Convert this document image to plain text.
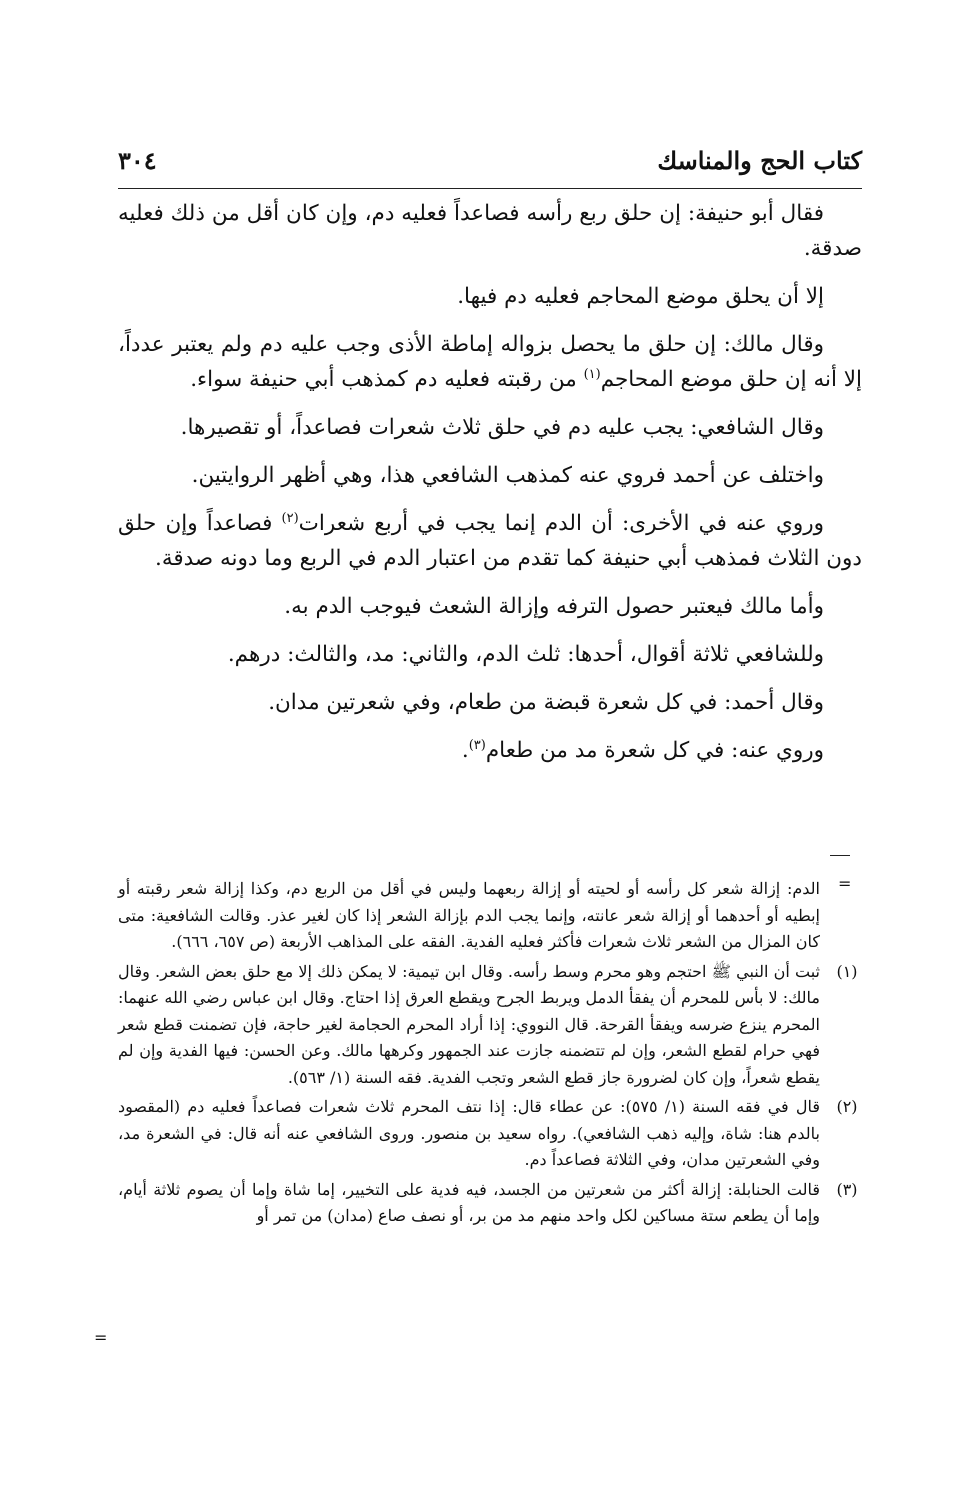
كتاب الحج والمناسك
٣٠٤

فقال أبو حنيفة: إن حلق ربع رأسه فصاعداً فعليه دم، وإن كان أقل من ذلك فعليه صدقة.

إلا أن يحلق موضع المحاجم فعليه دم فيها.

وقال مالك: إن حلق ما يحصل بزواله إماطة الأذى وجب عليه دم ولم يعتبر عدداً، إلا أنه إن حلق موضع المحاجم$^{(١)}$ من رقبته فعليه دم كمذهب أبي حنيفة سواء.

وقال الشافعي: يجب عليه دم في حلق ثلاث شعرات فصاعداً، أو تقصيرها.

واختلف عن أحمد فروي عنه كمذهب الشافعي هذا، وهي أظهر الروايتين.

وروي عنه في الأخرى: أن الدم إنما يجب في أربع شعرات$^{(٢)}$ فصاعداً وإن حلق دون الثلاث فمذهب أبي حنيفة كما تقدم من اعتبار الدم في الربع وما دونه صدقة.

وأما مالك فيعتبر حصول الترفه وإزالة الشعث فيوجب الدم به.

وللشافعي ثلاثة أقوال، أحدها: ثلث الدم، والثاني: مد، والثالث: درهم.

وقال أحمد: في كل شعرة قبضة من طعام، وفي شعرتين مدان.

وروي عنه: في كل شعرة مد من طعام$^{(٣)}$.

=
الدم: إزالة شعر كل رأسه أو لحيته أو إزالة ربعهما وليس في أقل من الربع دم، وكذا إزالة شعر رقبته أو إبطيه أو أحدهما أو إزالة شعر عانته، وإنما يجب الدم بإزالة الشعر إذا كان لغير عذر. وقالت الشافعية: متى كان المزال من الشعر ثلاث شعرات فأكثر فعليه الفدية. الفقه على المذاهب الأربعة (ص ٦٥٧، ٦٦٦).
(١)
ثبت أن النبي ﷺ احتجم وهو محرم وسط رأسه. وقال ابن تيمية: لا يمكن ذلك إلا مع حلق بعض الشعر. وقال مالك: لا بأس للمحرم أن يفقأ الدمل ويربط الجرح ويقطع العرق إذا احتاج. وقال ابن عباس رضي الله عنهما: المحرم ينزع ضرسه ويفقأ القرحة. قال النووي: إذا أراد المحرم الحجامة لغير حاجة، فإن تضمنت قطع شعر فهي حرام لقطع الشعر، وإن لم تتضمنه جازت عند الجمهور وكرهها مالك. وعن الحسن: فيها الفدية وإن لم يقطع شعراً، وإن كان لضرورة جاز قطع الشعر وتجب الفدية. فقه السنة (١/ ٥٦٣).
(٢)
قال في فقه السنة (١/ ٥٧٥): عن عطاء قال: إذا نتف المحرم ثلاث شعرات فصاعداً فعليه دم (المقصود بالدم هنا: شاة، وإليه ذهب الشافعي). رواه سعيد بن منصور. وروى الشافعي عنه أنه قال: في الشعرة مد، وفي الشعرتين مدان، وفي الثلاثة فصاعداً دم.
(٣)
قالت الحنابلة: إزالة أكثر من شعرتين من الجسد، فيه فدية على التخيير، إما شاة وإما أن يصوم ثلاثة أيام، وإما أن يطعم ستة مساكين لكل واحد منهم مد من بر، أو نصف صاع (مدان) من تمر أو
=
